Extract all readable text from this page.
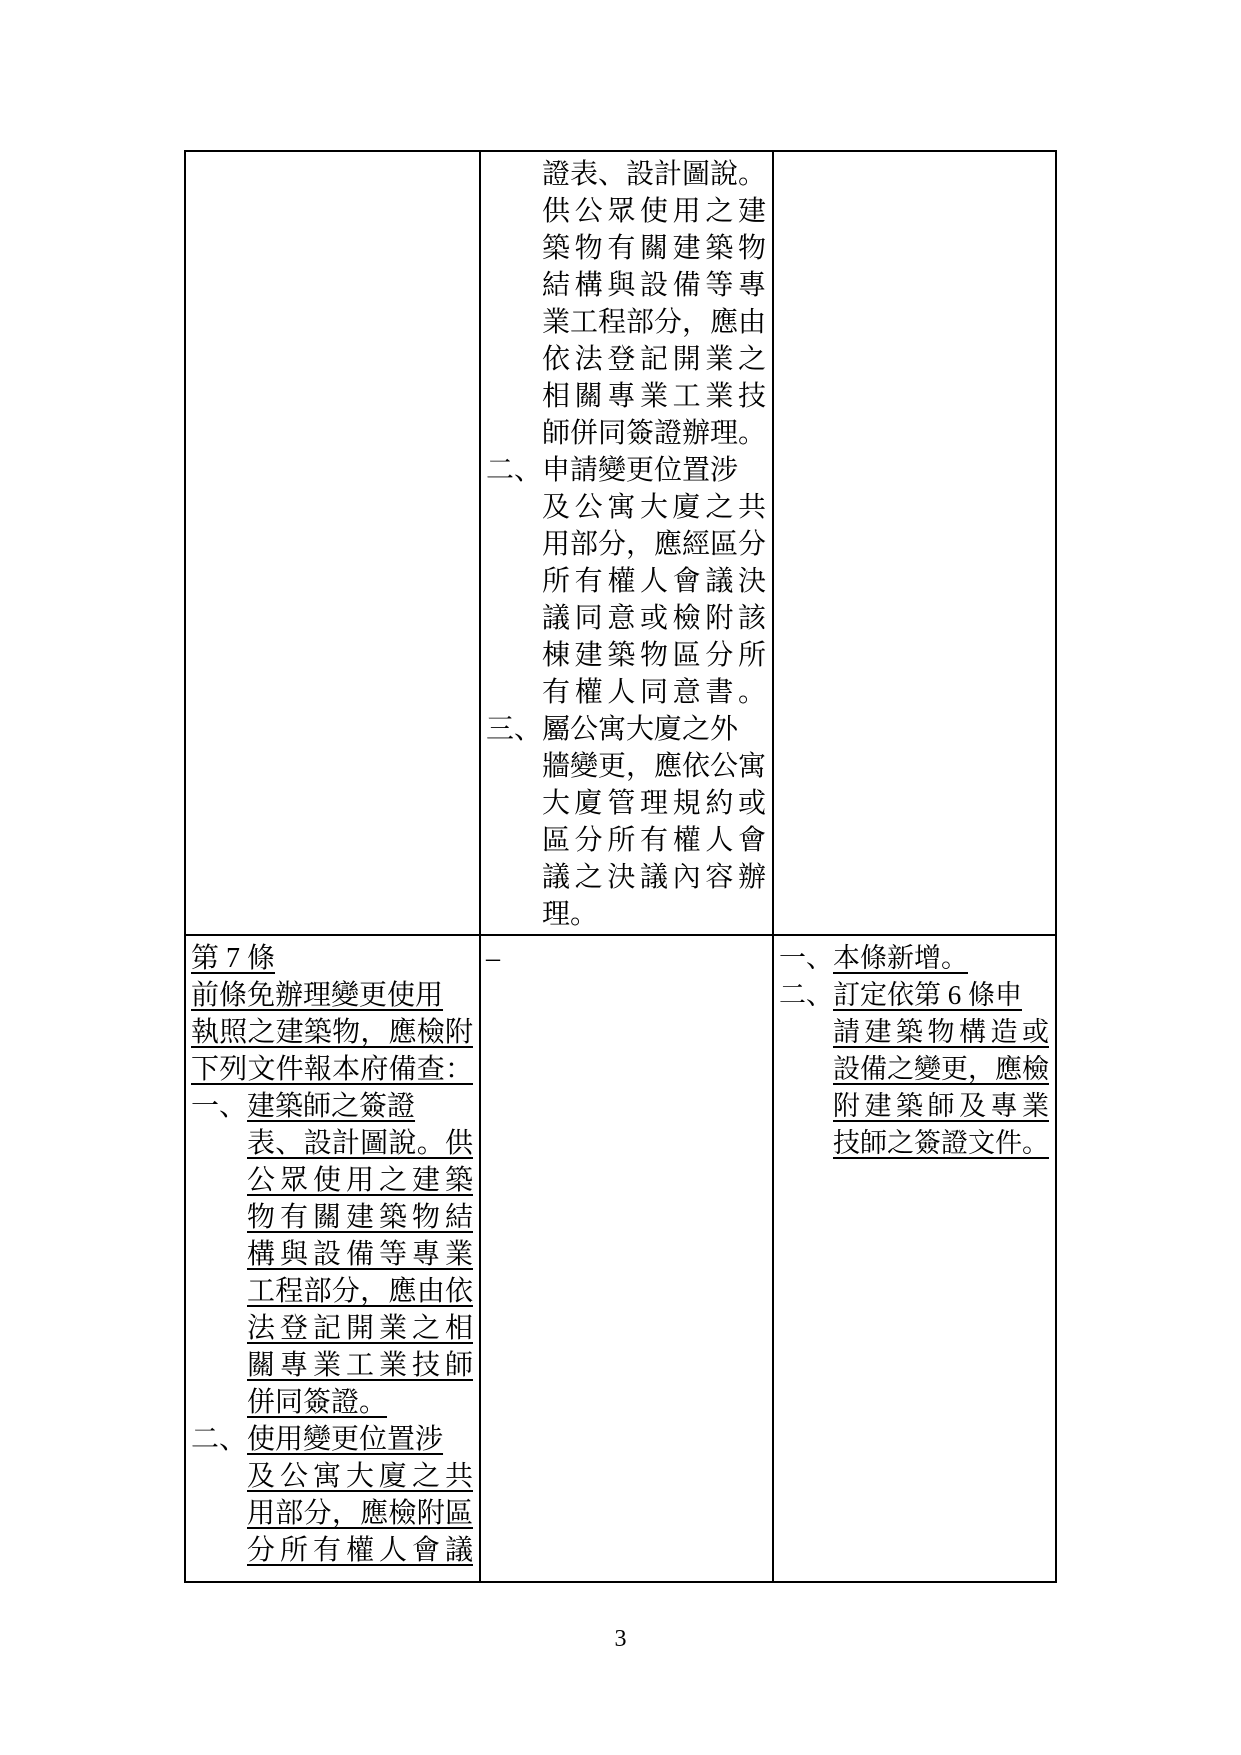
證表、設計圖說。
供公眾使用之建
築物有關建築物
結構與設備等專
業工程部分，應由
依法登記開業之
相關專業工業技
師併同簽證辦理。
二、申請變更位置涉
及公寓大廈之共
用部分，應經區分
所有權人會議決
議同意或檢附該
棟建築物區分所
有權人同意書。
三、屬公寓大廈之外
牆變更，應依公寓
大廈管理規約或
區分所有權人會
議之決議內容辦
理。
第 7 條
前條免辦理變更使用
執照之建築物，應檢附
下列文件報本府備查：
一、建築師之簽證
表、設計圖說。供
公眾使用之建築
物有關建築物結
構與設備等專業
工程部分，應由依
法登記開業之相
關專業工業技師
併同簽證。
二、使用變更位置涉
及公寓大廈之共
用部分，應檢附區
分所有權人會議
–	一、本條新增。
二、訂定依第 6 條申
請建築物構造或
設備之變更，應檢
附建築師及專業
技師之簽證文件。
3
